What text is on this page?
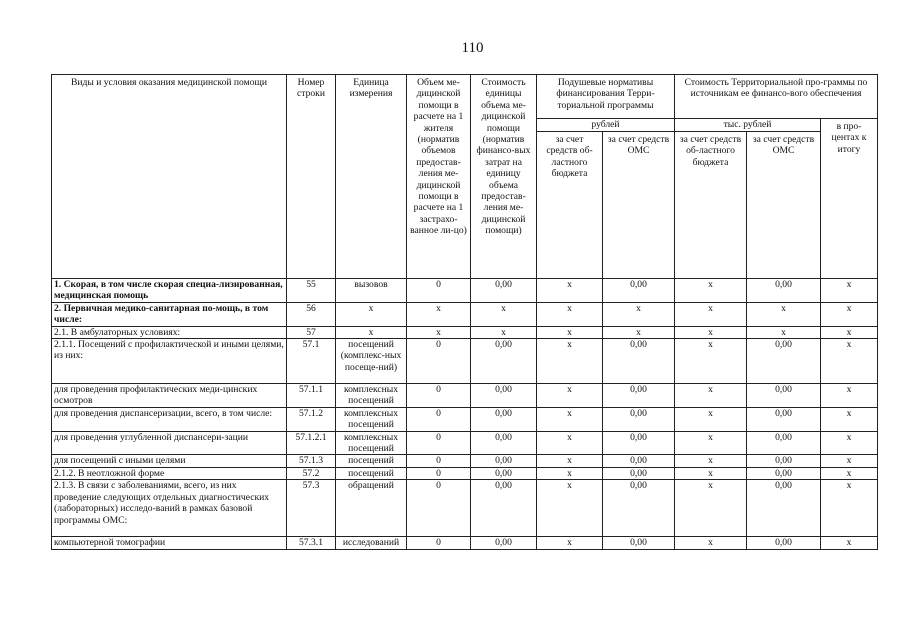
110
Виды и условия оказания медицинской помощи	Номер строки	Единица измерения	Объем ме-дицинской помощи в расчете на 1 жителя (норматив объемов предостав-ления ме-дицинской помощи в расчете на 1 застрахо-ванное ли-цо)	Стоимость единицы объема ме-дицинской помощи (норматив финансо-вых затрат на единицу объема предостав-ления ме-дицинской помощи)	Подушевые нормативы финансирования Терри-ториальной программы		Стоимость Территориальной про-граммы по источникам ее финансо-вого обеспечения		
					рублей		тыс. рублей		в про-центах к итогу
					за счет средств об-ластного бюджета	за счет средств ОМС	за счет средств об-ластного бюджета	за счет средств ОМС	
1. Скорая, в том числе скорая специа-лизированная, медицинская помощь	55	вызовов	0	0,00	x	0,00	x	0,00	x
2. Первичная медико-санитарная по-мощь, в том числе:	56	x	x	x	x	x	x	x	x
2.1. В амбулаторных условиях:	57	x	x	x	x	x	x	x	x
2.1.1. Посещений с профилактической и иными целями, из них:	57.1	посещений (комплекс-ных посеще-ний)	0	0,00	x	0,00	x	0,00	x
для проведения профилактических меди-цинских осмотров	57.1.1	комплексных посещений	0	0,00	x	0,00	x	0,00	x
для проведения диспансеризации, всего, в том числе:	57.1.2	комплексных посещений	0	0,00	x	0,00	x	0,00	x
для проведения углубленной диспансери-зации	57.1.2.1	комплексных посещений	0	0,00	x	0,00	x	0,00	x
для посещений с иными целями	57.1.3	посещений	0	0,00	x	0,00	x	0,00	x
2.1.2. В неотложной форме	57.2	посещений	0	0,00	x	0,00	x	0,00	x
2.1.3. В связи с заболеваниями, всего, из них проведение следующих отдельных диагностических (лабораторных) исследо-ваний в рамках базовой программы ОМС:	57.3	обращений	0	0,00	x	0,00	x	0,00	x
компьютерной томографии	57.3.1	исследований	0	0,00	x	0,00	x	0,00	x
